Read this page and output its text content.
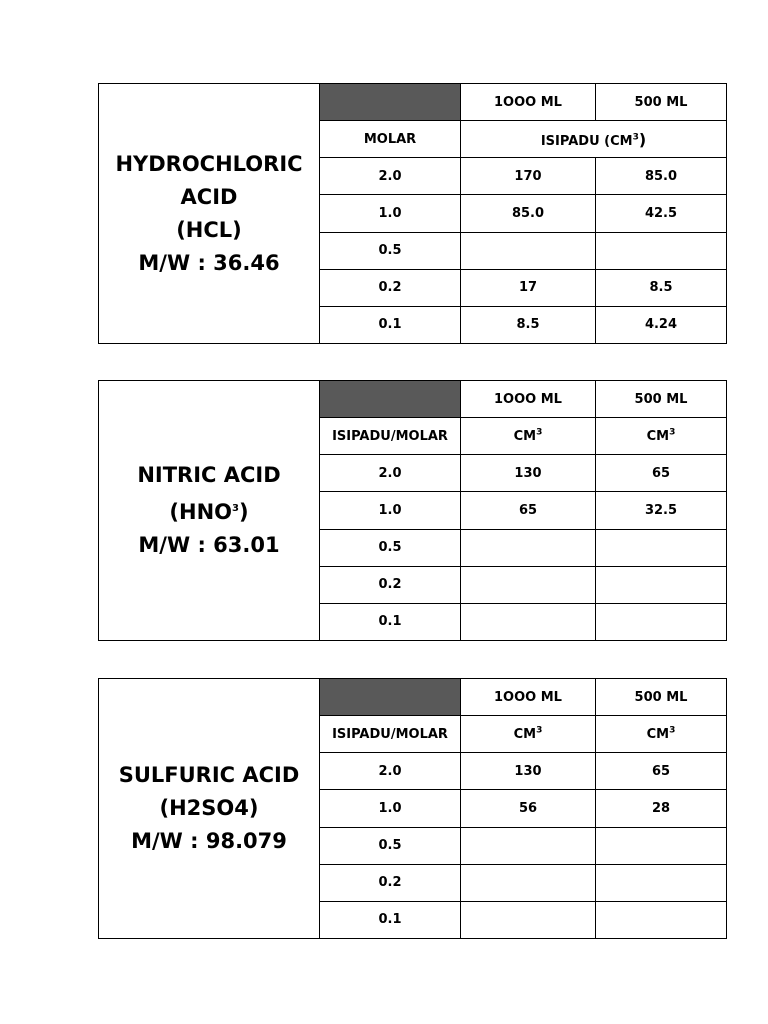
HYDROCHLORIC
ACID
(HCL)
M/W : 36.46		1OOO ML	500 ML
	MOLAR	ISIPADU $(CM^3)$	
	2.0	170	85.0
	1.0	85.0	42.5
	0.5		
	0.2	17	8.5
	0.1	8.5	4.24
NITRIC ACID
(HNO$^3$)
M/W : 63.01		1OOO ML	500 ML
	ISIPADU/MOLAR	$CM^3$	$CM^3$
	2.0	130	65
	1.0	65	32.5
	0.5		
	0.2		
	0.1		
SULFURIC ACID
(H2SO4)
M/W : 98.079		1OOO ML	500 ML
	ISIPADU/MOLAR	$CM^3$	$CM^3$
	2.0	130	65
	1.0	56	28
	0.5		
	0.2		
	0.1		
